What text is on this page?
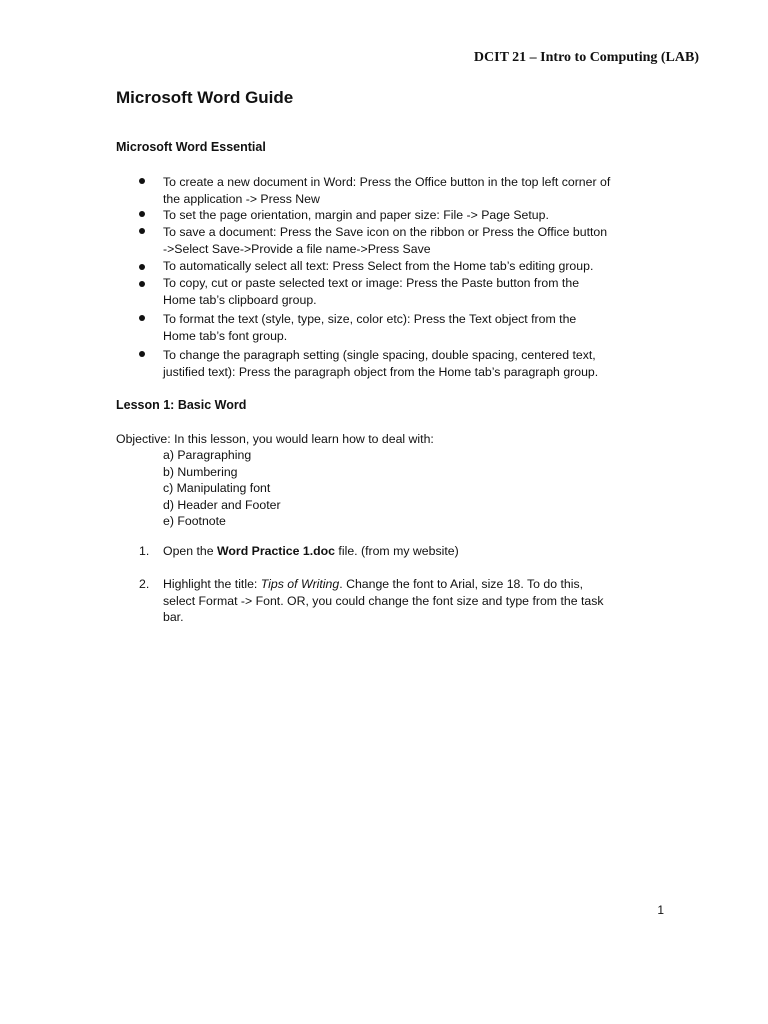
DCIT 21 – Intro to Computing (LAB)
Microsoft Word Guide
Microsoft Word Essential
To create a new document in Word: Press the Office button in the top left corner of
the application -> Press New
To set the page orientation, margin and paper size: File -> Page Setup.
To save a document: Press the Save icon on the ribbon or Press the Office button
->Select Save->Provide a file name->Press Save
To automatically select all text: Press Select from the Home tab’s editing group.
To copy, cut or paste selected text or image: Press the Paste button from the
Home tab’s clipboard group.
To format the text (style, type, size, color etc): Press the Text object from the
Home tab’s font group.
To change the paragraph setting (single spacing, double spacing, centered text,
justified text): Press the paragraph object from the Home tab’s paragraph group.
Lesson 1: Basic Word
Objective: In this lesson, you would learn how to deal with:
a) Paragraphing
b) Numbering
c) Manipulating font
d) Header and Footer
e) Footnote
1. Open the Word Practice 1.doc file. (from my website)
2. Highlight the title: Tips of Writing. Change the font to Arial, size 18. To do this,
select Format -> Font. OR, you could change the font size and type from the task
bar.
1
